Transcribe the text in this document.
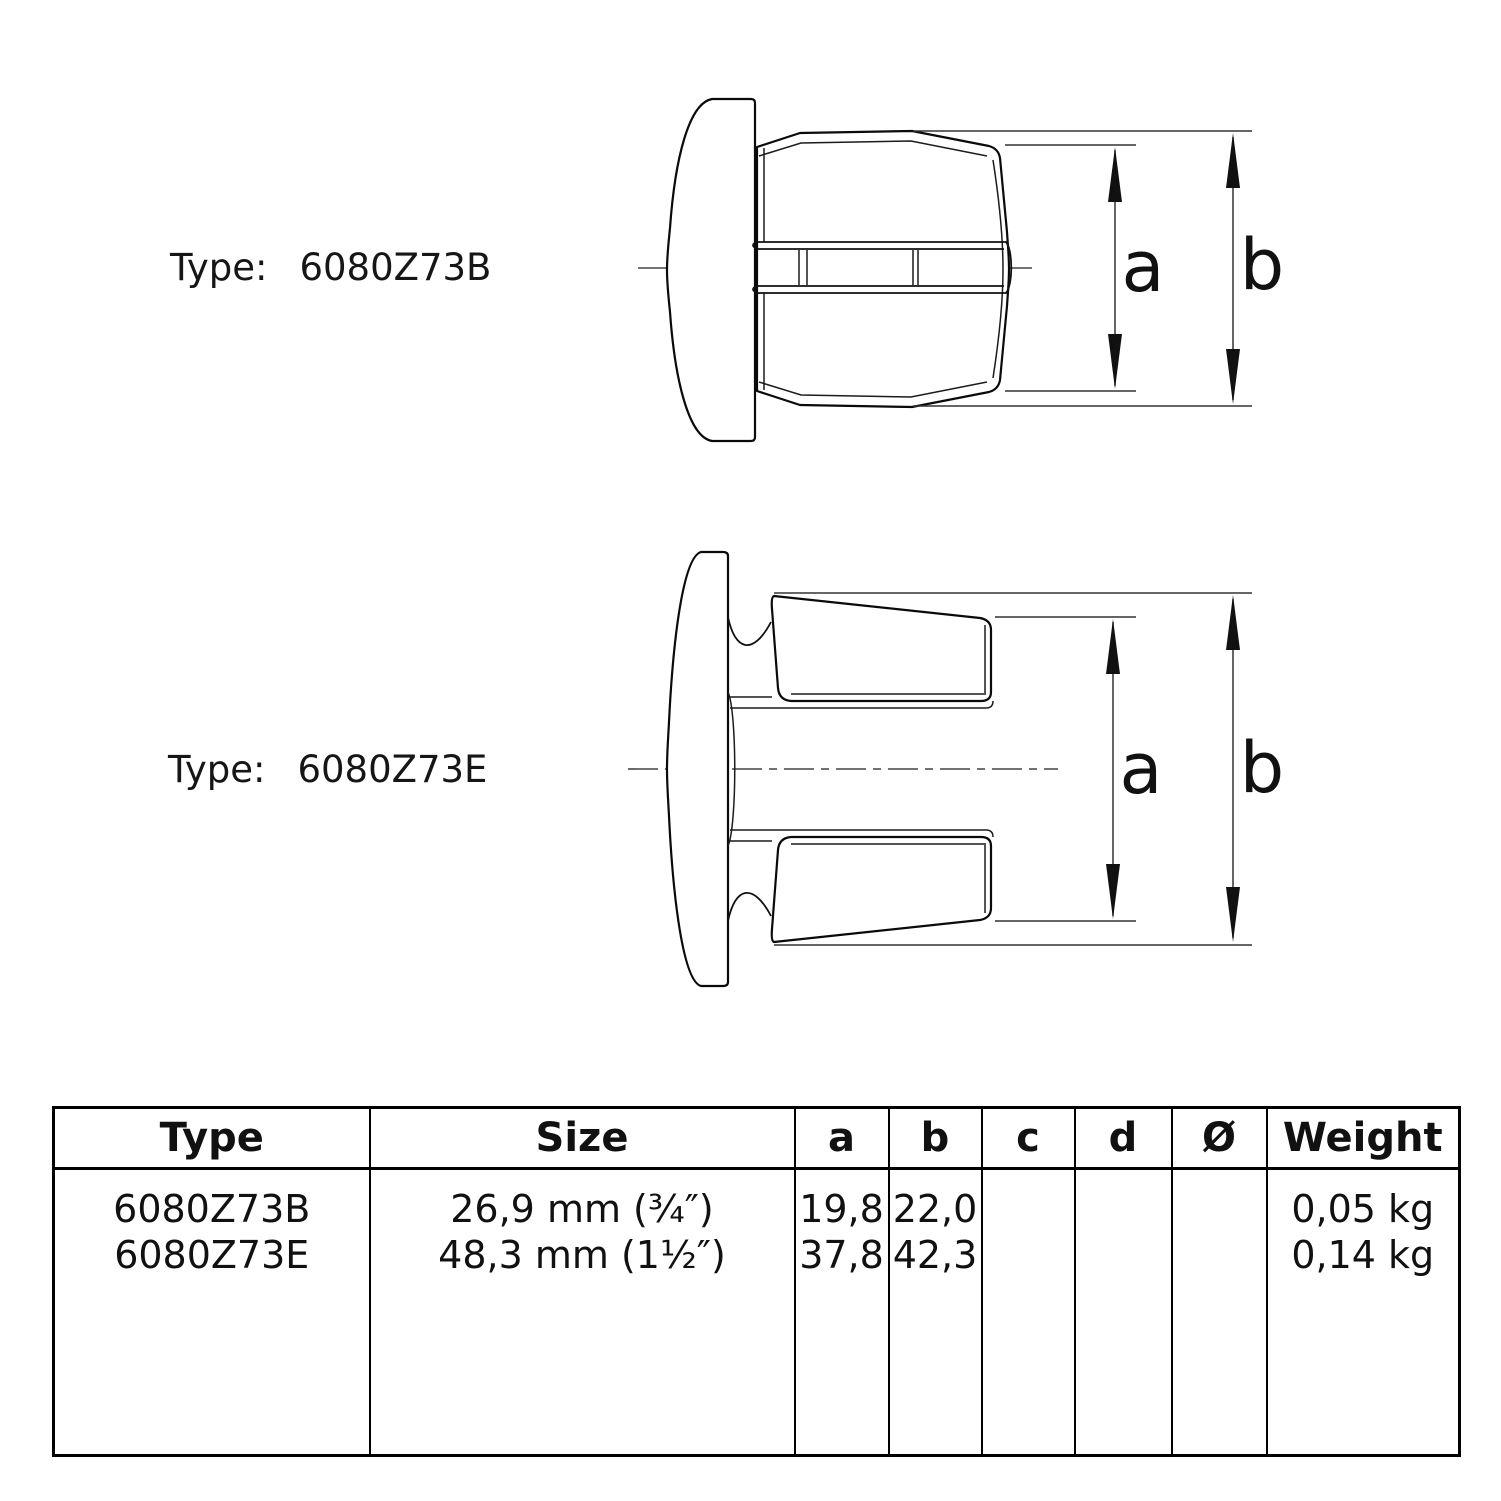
Type: 6080Z73B
Type: 6080Z73E
a b
a b
Type	Size	a	b	c	d	Ø	Weight
6080Z73B	26,9 mm (¾″)	19,8	22,0				0,05 kg
6080Z73E	48,3 mm (1½″)	37,8	42,3				0,14 kg
